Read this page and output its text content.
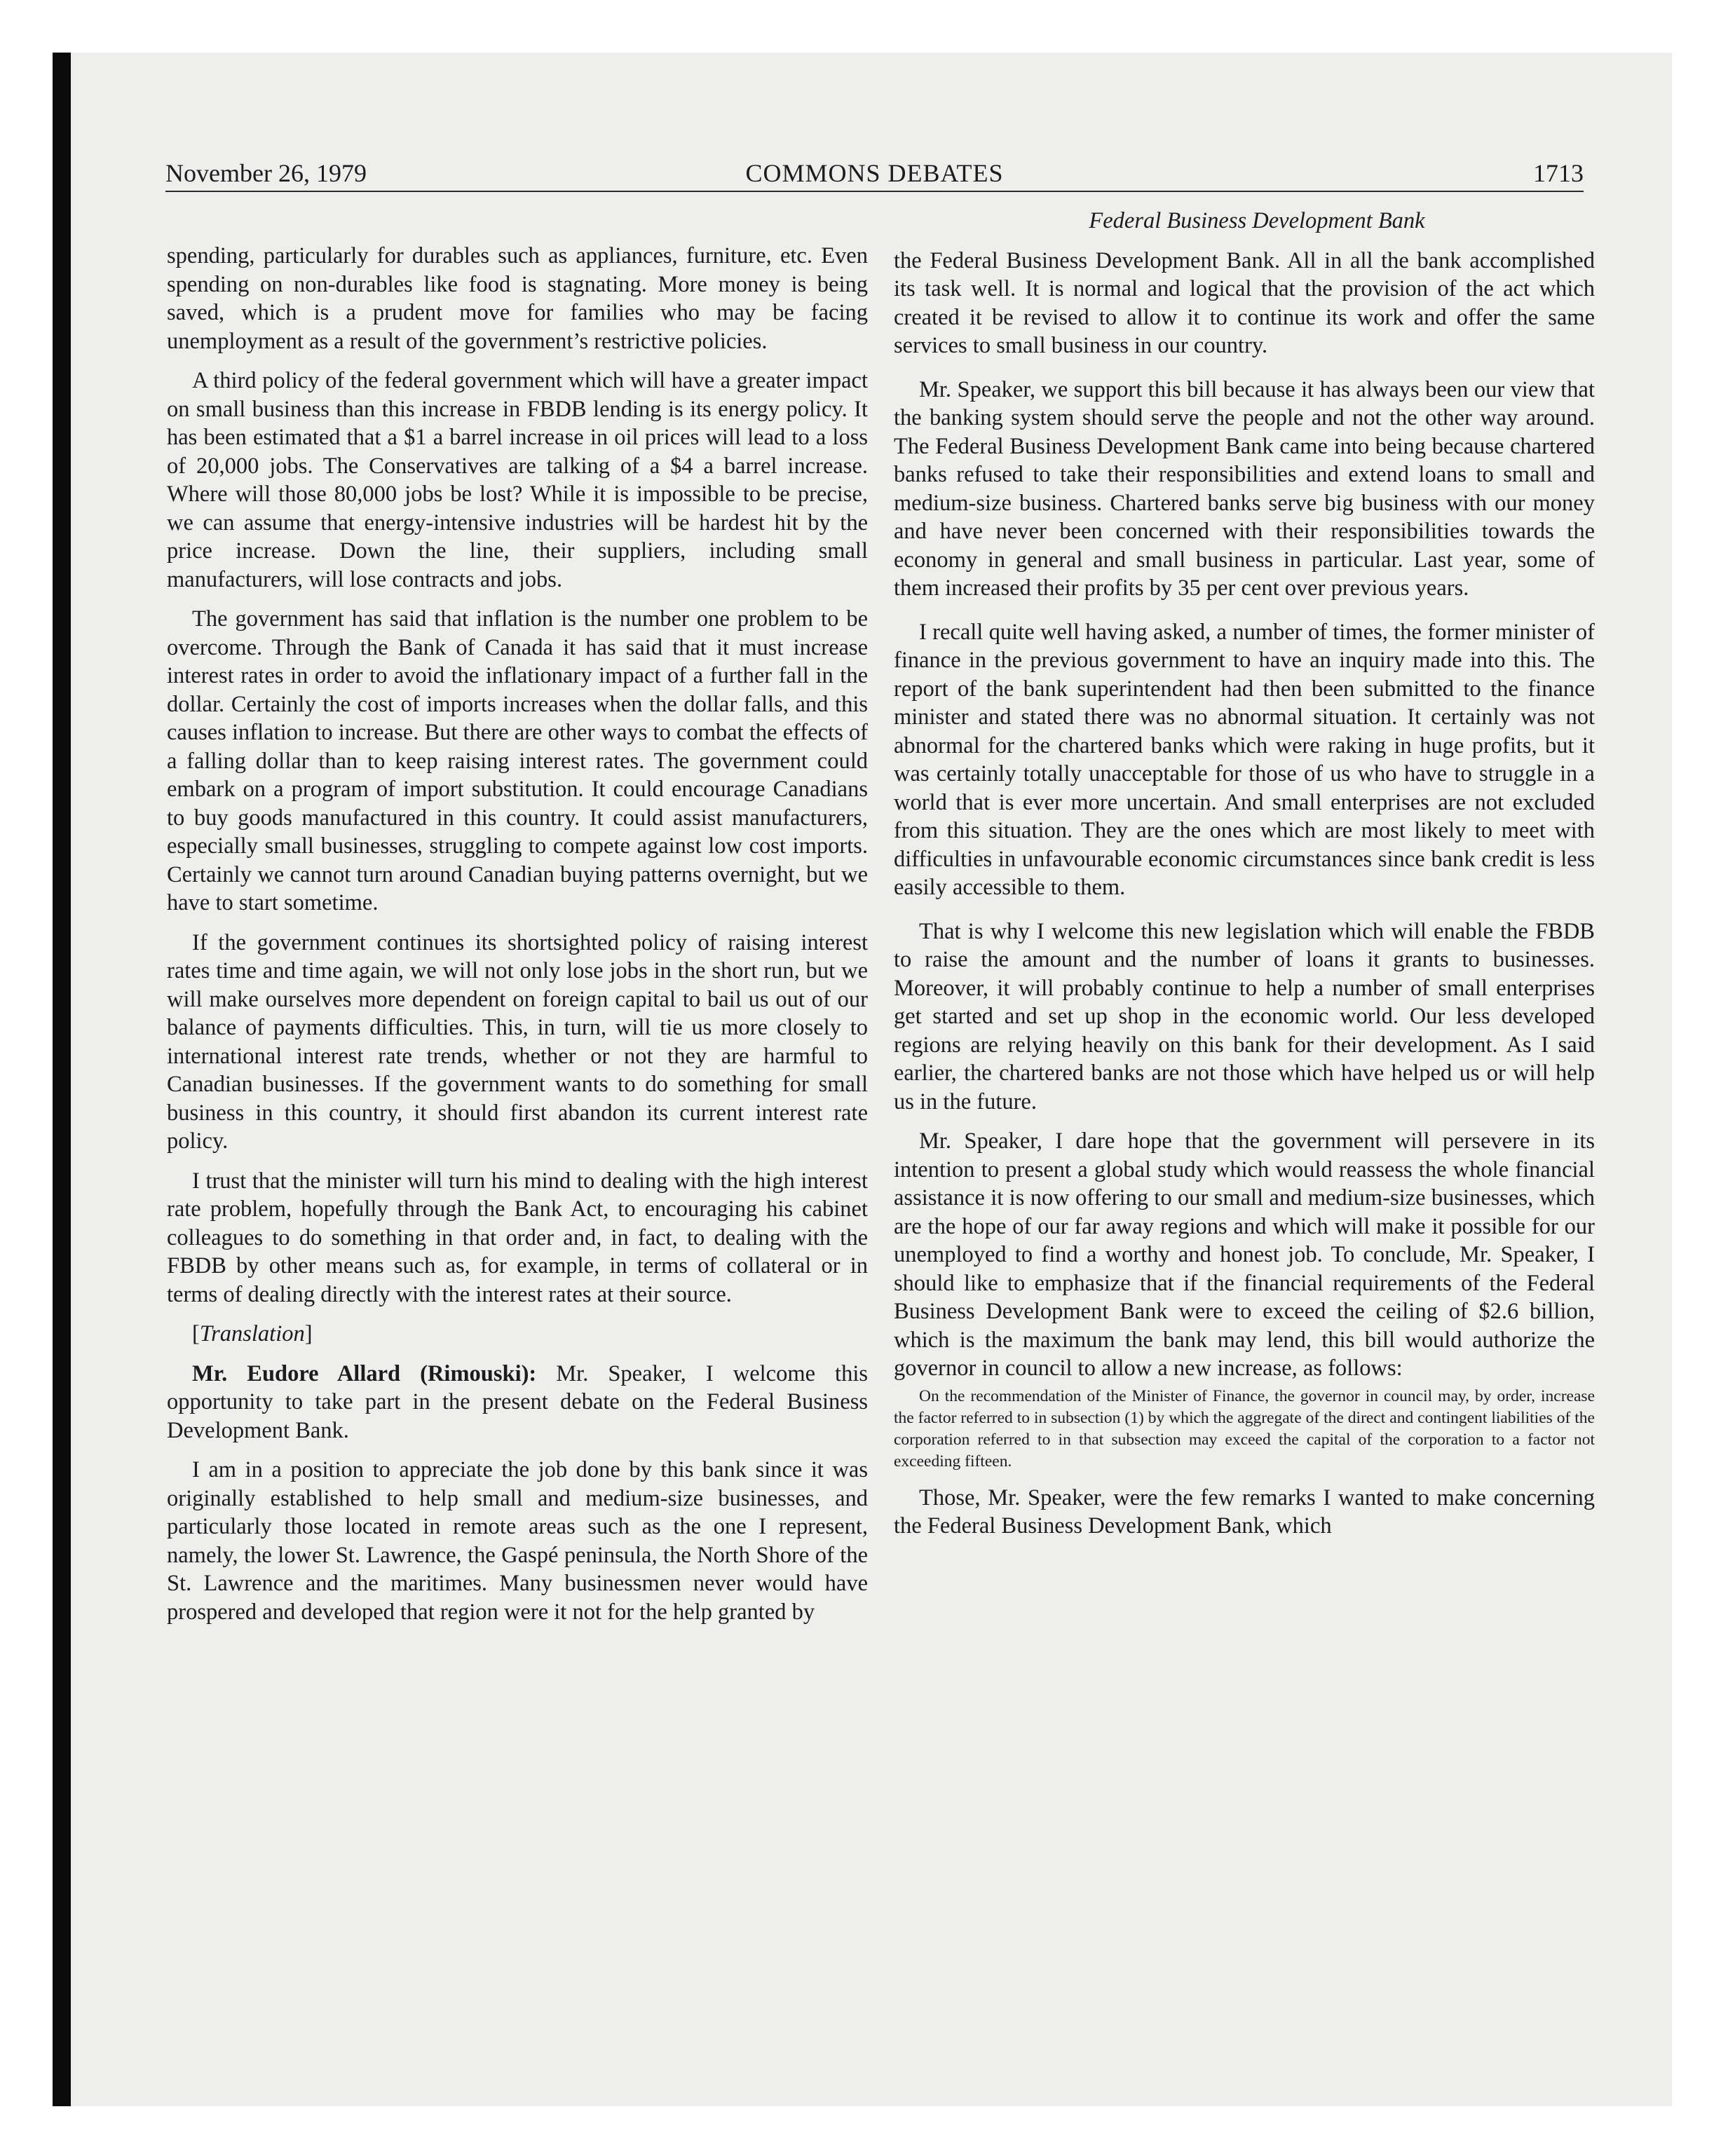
November 26, 1979	COMMONS DEBATES	1713

spending, particularly for durables such as appliances, furniture, etc. Even spending on non-durables like food is stagnating. More money is being saved, which is a prudent move for families who may be facing unemployment as a result of the government’s restrictive policies.

A third policy of the federal government which will have a greater impact on small business than this increase in FBDB lending is its energy policy. It has been estimated that a $1 a barrel increase in oil prices will lead to a loss of 20,000 jobs. The Conservatives are talking of a $4 a barrel increase. Where will those 80,000 jobs be lost? While it is impossible to be precise, we can assume that energy-intensive industries will be hardest hit by the price increase. Down the line, their suppliers, including small manufacturers, will lose contracts and jobs.

The government has said that inflation is the number one problem to be overcome. Through the Bank of Canada it has said that it must increase interest rates in order to avoid the inflationary impact of a further fall in the dollar. Certainly the cost of imports increases when the dollar falls, and this causes inflation to increase. But there are other ways to combat the effects of a falling dollar than to keep raising interest rates. The government could embark on a program of import substitution. It could encourage Canadians to buy goods manufactured in this country. It could assist manufacturers, especially small businesses, struggling to compete against low cost imports. Certainly we cannot turn around Canadian buying patterns overnight, but we have to start sometime.

If the government continues its shortsighted policy of raising interest rates time and time again, we will not only lose jobs in the short run, but we will make ourselves more dependent on foreign capital to bail us out of our balance of payments difficulties. This, in turn, will tie us more closely to international interest rate trends, whether or not they are harmful to Canadian businesses. If the government wants to do something for small business in this country, it should first abandon its current interest rate policy.

I trust that the minister will turn his mind to dealing with the high interest rate problem, hopefully through the Bank Act, to encouraging his cabinet colleagues to do something in that order and, in fact, to dealing with the FBDB by other means such as, for example, in terms of collateral or in terms of dealing directly with the interest rates at their source.

[Translation]

Mr. Eudore Allard (Rimouski): Mr. Speaker, I welcome this opportunity to take part in the present debate on the Federal Business Development Bank.

I am in a position to appreciate the job done by this bank since it was originally established to help small and medium-size businesses, and particularly those located in remote areas such as the one I represent, namely, the lower St. Lawrence, the Gaspé peninsula, the North Shore of the St. Lawrence and the maritimes. Many businessmen never would have prospered and developed that region were it not for the help granted by

Federal Business Development Bank

the Federal Business Development Bank. All in all the bank accomplished its task well. It is normal and logical that the provision of the act which created it be revised to allow it to continue its work and offer the same services to small business in our country.

Mr. Speaker, we support this bill because it has always been our view that the banking system should serve the people and not the other way around. The Federal Business Development Bank came into being because chartered banks refused to take their responsibilities and extend loans to small and medium-size business. Chartered banks serve big business with our money and have never been concerned with their responsibilities towards the economy in general and small business in particular. Last year, some of them increased their profits by 35 per cent over previous years.

I recall quite well having asked, a number of times, the former minister of finance in the previous government to have an inquiry made into this. The report of the bank superintendent had then been submitted to the finance minister and stated there was no abnormal situation. It certainly was not abnormal for the chartered banks which were raking in huge profits, but it was certainly totally unacceptable for those of us who have to struggle in a world that is ever more uncertain. And small enterprises are not excluded from this situation. They are the ones which are most likely to meet with difficulties in unfavourable economic circumstances since bank credit is less easily accessible to them.

That is why I welcome this new legislation which will enable the FBDB to raise the amount and the number of loans it grants to businesses. Moreover, it will probably continue to help a number of small enterprises get started and set up shop in the economic world. Our less developed regions are relying heavily on this bank for their development. As I said earlier, the chartered banks are not those which have helped us or will help us in the future.

Mr. Speaker, I dare hope that the government will persevere in its intention to present a global study which would reassess the whole financial assistance it is now offering to our small and medium-size businesses, which are the hope of our far away regions and which will make it possible for our unemployed to find a worthy and honest job. To conclude, Mr. Speaker, I should like to emphasize that if the financial requirements of the Federal Business Development Bank were to exceed the ceiling of $2.6 billion, which is the maximum the bank may lend, this bill would authorize the governor in council to allow a new increase, as follows:

On the recommendation of the Minister of Finance, the governor in council may, by order, increase the factor referred to in subsection (1) by which the aggregate of the direct and contingent liabilities of the corporation referred to in that subsection may exceed the capital of the corporation to a factor not exceeding fifteen.

Those, Mr. Speaker, were the few remarks I wanted to make concerning the Federal Business Development Bank, which
